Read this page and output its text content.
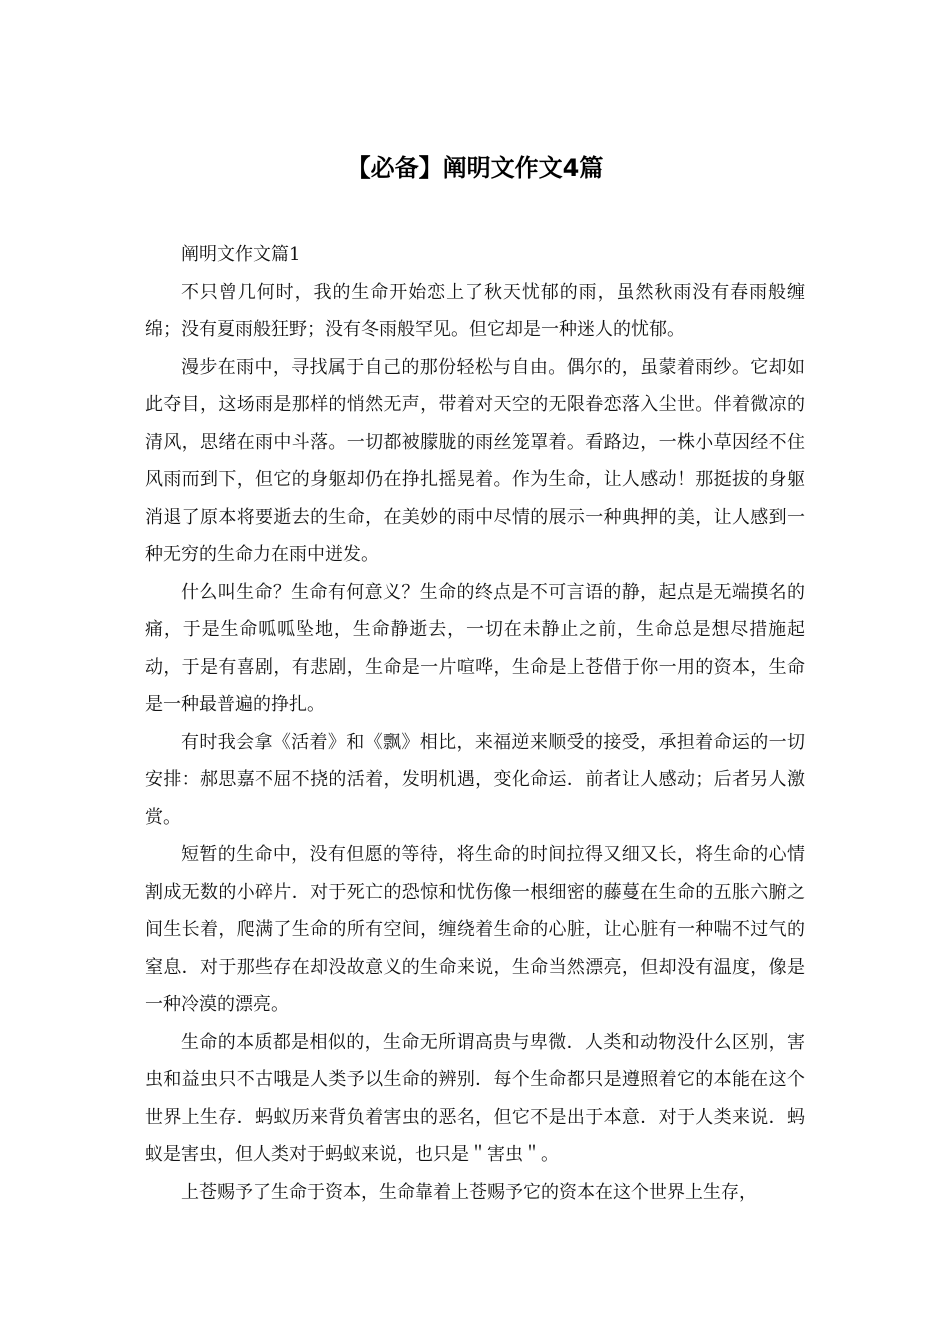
【必备】阐明文作文4篇

阐明文作文篇1

不只曾几何时，我的生命开始恋上了秋天忧郁的雨，虽然秋雨没有春雨般缠绵；没有夏雨般狂野；没有冬雨般罕见。但它却是一种迷人的忧郁。

漫步在雨中，寻找属于自己的那份轻松与自由。偶尔的，虽蒙着雨纱。它却如此夺目，这场雨是那样的悄然无声，带着对天空的无限眷恋落入尘世。伴着微凉的清风，思绪在雨中斗落。一切都被朦胧的雨丝笼罩着。看路边，一株小草因经不住风雨而到下，但它的身躯却仍在挣扎摇晃着。作为生命，让人感动！那挺拔的身躯消退了原本将要逝去的生命，在美妙的雨中尽情的展示一种典押的美，让人感到一种无穷的生命力在雨中迸发。

什么叫生命？生命有何意义？生命的终点是不可言语的静，起点是无端摸名的痛，于是生命呱呱坠地，生命静逝去，一切在未静止之前，生命总是想尽措施起动，于是有喜剧，有悲剧，生命是一片喧哗，生命是上苍借于你一用的资本，生命是一种最普遍的挣扎。

有时我会拿《活着》和《飘》相比，来福逆来顺受的接受，承担着命运的一切安排：郝思嘉不屈不挠的活着，发明机遇，变化命运．前者让人感动；后者另人激赏。

短暂的生命中，没有但愿的等待，将生命的时间拉得又细又长，将生命的心情割成无数的小碎片．对于死亡的恐惊和忧伤像一根细密的藤蔓在生命的五胀六腑之间生长着，爬满了生命的所有空间，缠绕着生命的心脏，让心脏有一种喘不过气的窒息．对于那些存在却没故意义的生命来说，生命当然漂亮，但却没有温度，像是一种冷漠的漂亮。

生命的本质都是相似的，生命无所谓高贵与卑微．人类和动物没什么区别，害虫和益虫只不古哦是人类予以生命的辨别．每个生命都只是遵照着它的本能在这个世界上生存．蚂蚁历来背负着害虫的恶名，但它不是出于本意．对于人类来说．蚂蚁是害虫，但人类对于蚂蚁来说，也只是＂害虫＂。

上苍赐予了生命于资本，生命靠着上苍赐予它的资本在这个世界上生存，
